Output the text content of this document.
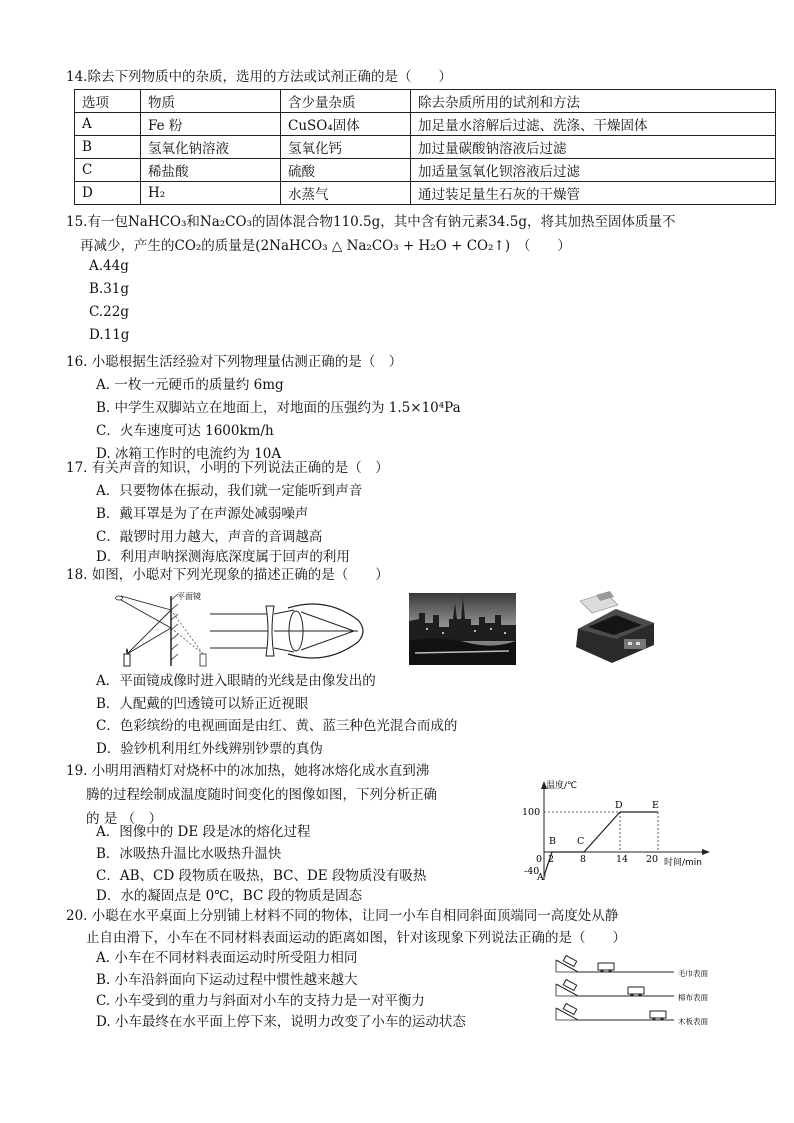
14.除去下列物质中的杂质，选用的方法或试剂正确的是（　　）
选项	物质	含少量杂质	除去杂质所用的试剂和方法
A	Fe 粉	CuSO₄固体	加足量水溶解后过滤、洗涤、干燥固体
B	氢氧化钠溶液	氢氧化钙	加过量碳酸钠溶液后过滤
C	稀盐酸	硫酸	加适量氢氧化钡溶液后过滤
D	H₂	水蒸气	通过装足量生石灰的干燥管
15.有一包NaHCO₃和Na₂CO₃的固体混合物110.5g，其中含有钠元素34.5g，将其加热至固体质量不
再减少，产生的CO₂的质量是(2NaHCO₃ △ Na₂CO₃ + H₂O + CO₂↑)　（　　）
A.44g
B.31g
C.22g
D.11g
16. 小聪根据生活经验对下列物理量估测正确的是（　）
A. 一枚一元硬币的质量约 6mg
B. 中学生双脚站立在地面上，对地面的压强约为 1.5×10⁴Pa
C．火车速度可达 1600km/h
D. 冰箱工作时的电流约为 10A
17. 有关声音的知识，小明的下列说法正确的是（　）
A．只要物体在振动，我们就一定能听到声音
B．戴耳罩是为了在声源处减弱噪声
C．敲锣时用力越大，声音的音调越高
D．利用声呐探测海底深度属于回声的利用
18. 如图，小聪对下列光现象的描述正确的是（　　）
平面镜
A．平面镜成像时进入眼睛的光线是由像发出的
B．人配戴的凹透镜可以矫正近视眼
C．色彩缤纷的电视画面是由红、黄、蓝三种色光混合而成的
D．验钞机利用红外线辨别钞票的真伪
19. 小明用酒精灯对烧杯中的冰加热，她将冰熔化成水直到沸
腾的过程绘制成温度随时间变化的图像如图，下列分析正确
的 是 （　）
A．图像中的 DE 段是冰的熔化过程
B．冰吸热升温比水吸热升温快
C．AB、CD 段物质在吸热，BC、DE 段物质没有吸热
D．水的凝固点是 0℃，BC 段的物质是固态
温度/℃
时间/min
100
-40
0 2	8	14 20
A
B C
D	E
20. 小聪在水平桌面上分别铺上材料不同的物体，让同一小车自相同斜面顶端同一高度处从静
止自由滑下，小车在不同材料表面运动的距离如图，针对该现象下列说法正确的是（　　）
A. 小车在不同材料表面运动时所受阻力相同
B. 小车沿斜面向下运动过程中惯性越来越大
C. 小车受到的重力与斜面对小车的支持力是一对平衡力
D. 小车最终在水平面上停下来，说明力改变了小车的运动状态
毛巾表面
棉布表面
木板表面
